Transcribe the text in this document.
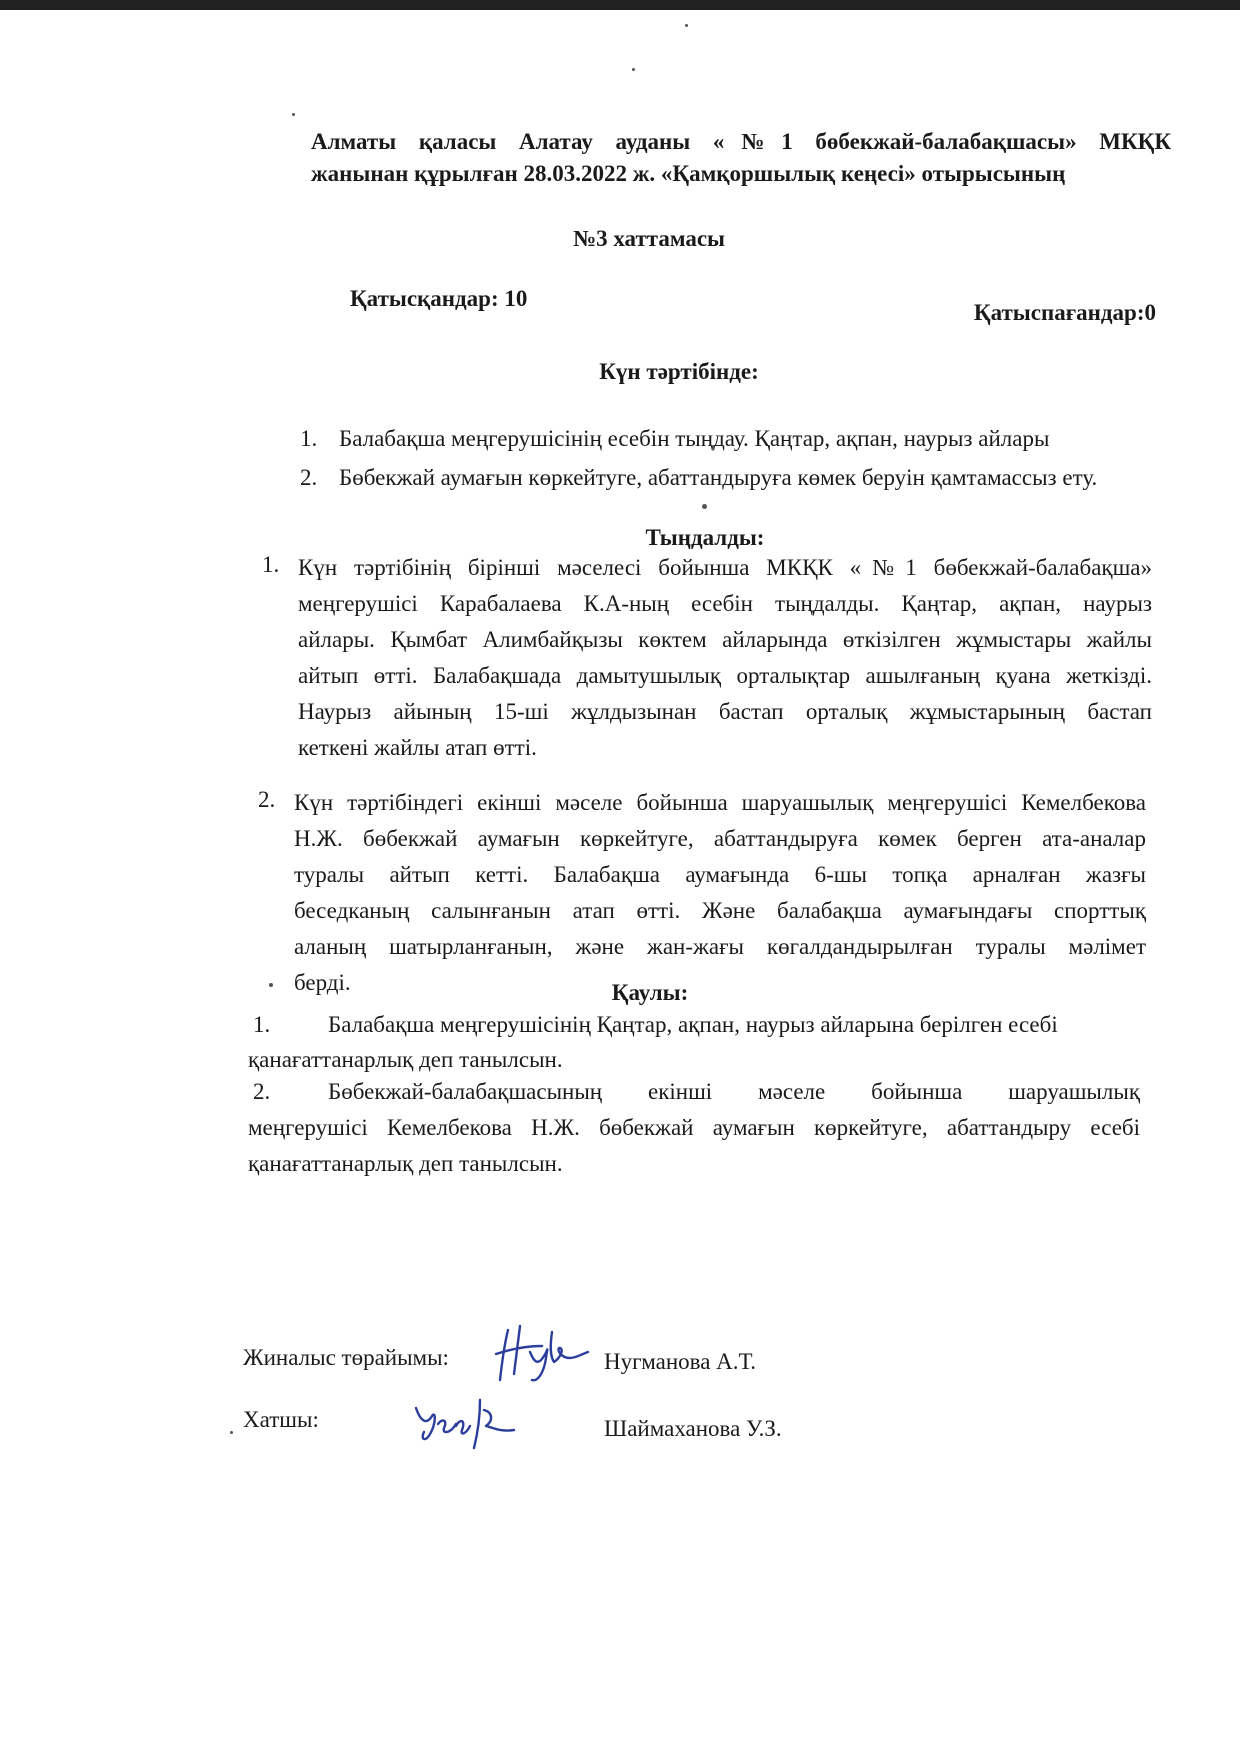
Алматы қаласы Алатау ауданы «№1 бөбекжай-балабақшасы» МКҚК
жанынан құрылған 28.03.2022 ж. «Қамқоршылық кеңесі» отырысының
№3 хаттамасы
Қатысқандар: 10
Қатыспағандар:0
Күн тәртібінде:
1. Балабақша меңгерушісінің есебін тыңдау. Қаңтар, ақпан, наурыз айлары
2. Бөбекжай аумағын көркейтуге, абаттандыруға көмек беруін қамтамассыз ету.
Тыңдалды:
1. Күн тәртібінің бірінші мәселесі бойынша МКҚК «№1 бөбекжай-балабақша»
меңгерушісі Карабалаева К.А-ның есебін тыңдалды. Қаңтар, ақпан, наурыз
айлары. Қымбат Алимбайқызы көктем айларында өткізілген жұмыстары жайлы
айтып өтті. Балабақшада дамытушылық орталықтар ашылғаның қуана жеткізді.
Наурыз айының 15-ші жұлдызынан бастап орталық жұмыстарының бастап
кеткені жайлы атап өтті.
2. Күн тәртібіндегі екінші мәселе бойынша шаруашылық меңгерушісі Кемелбекова
Н.Ж. бөбекжай аумағын көркейтуге, абаттандыруға көмек берген ата-аналар
туралы айтып кетті. Балабақша аумағында 6-шы топқа арналған жазғы
беседканың салынғанын атап өтті. Және балабақша аумағындағы спорттық
аланың шатырланғанын, және жан-жағы көгалдандырылған туралы мәлімет
берді.	Қаулы:
1.	Балабақша меңгерушісінің Қаңтар, ақпан, наурыз айларына берілген есебі
қанағаттанарлық деп танылсын.
2.	Бөбекжай-балабақшасының екінші мәселе бойынша шаруашылық
меңгерушісі Кемелбекова Н.Ж. бөбекжай аумағын көркейтуге, абаттандыру есебі
қанағаттанарлық деп танылсын.
Жиналыс төрайымы:	Нугманова А.Т.
Хатшы:	Шаймаханова У.З.
